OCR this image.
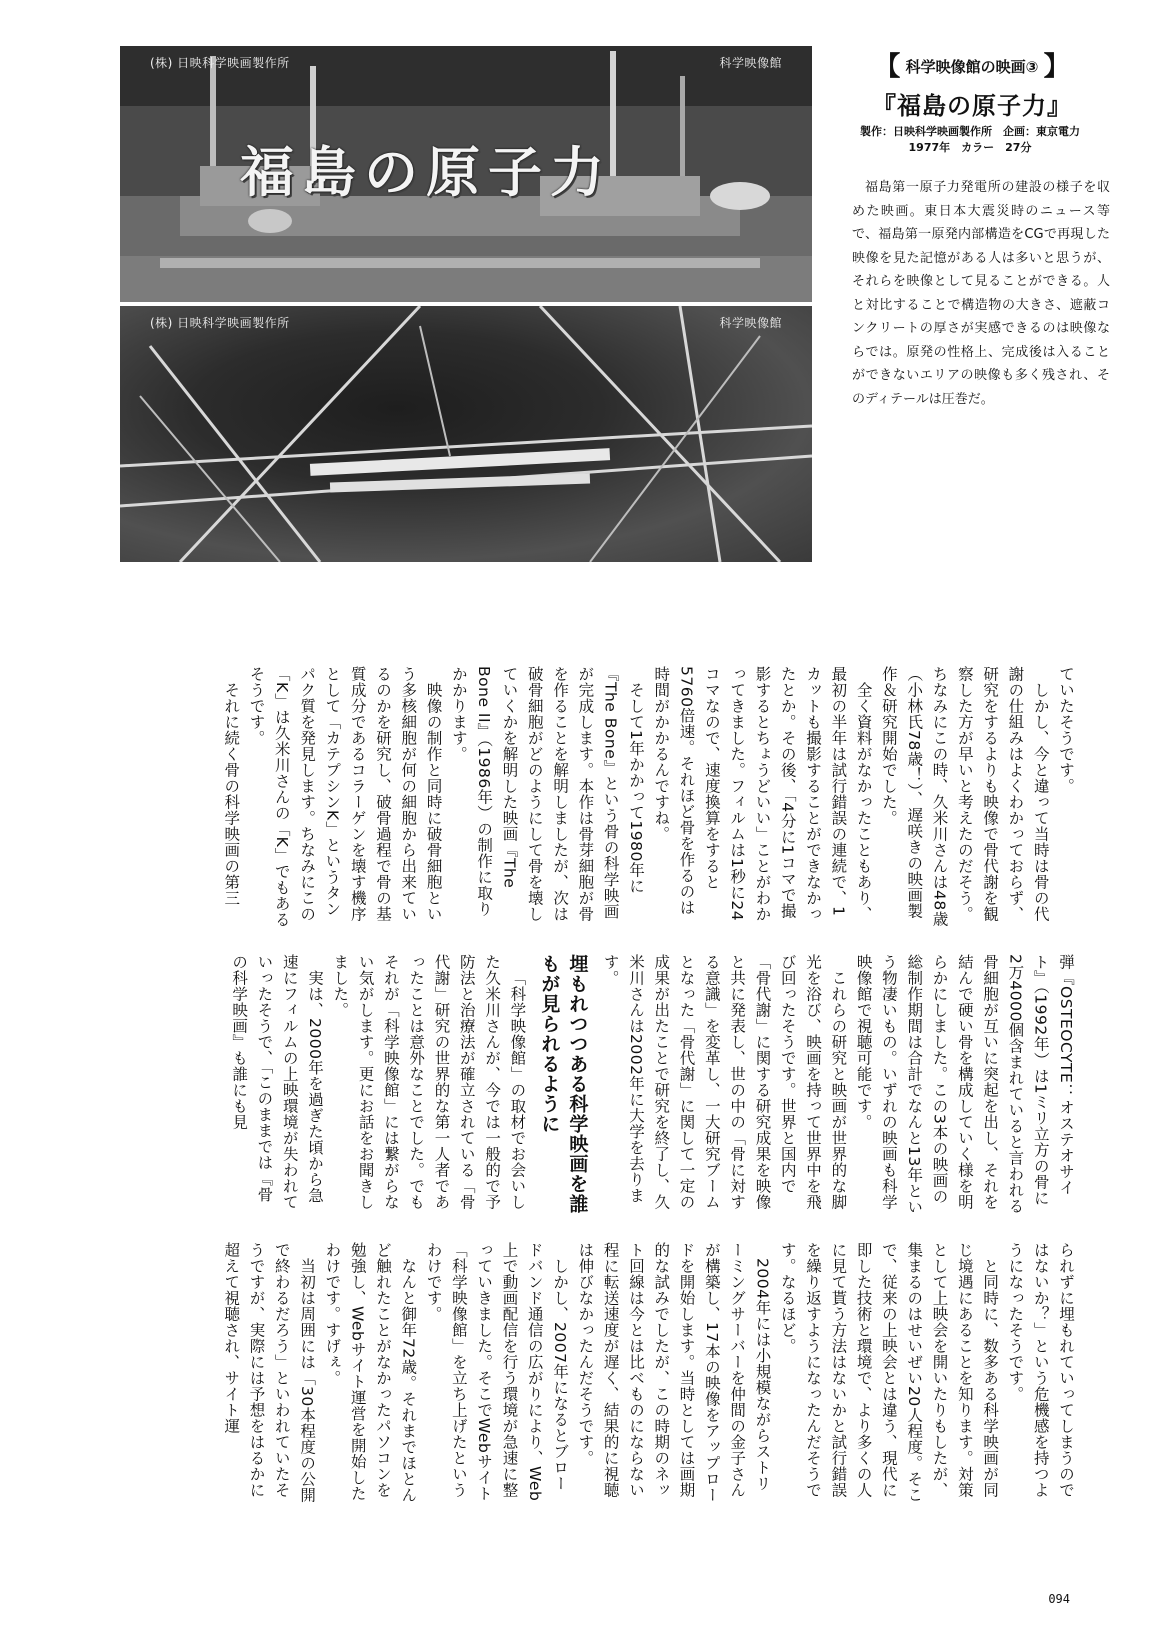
(株) 日映科学映画製作所	科学映像館
福島の原子力
(株) 日映科学映画製作所	科学映像館
【 科学映像館の映画③ 】
『福島の原子力』
製作：日映科学映画製作所　企画：東京電力
1977年　カラー　27分
福島第一原子力発電所の建設の様子を収めた映画。東日本大震災時のニュース等で、福島第一原発内部構造をCGで再現した映像を見た記憶がある人は多いと思うが、それらを映像として見ることができる。人と対比することで構造物の大きさ、遮蔽コンクリートの厚さが実感できるのは映像ならでは。原発の性格上、完成後は入ることができないエリアの映像も多く残され、そのディテールは圧巻だ。

ていたそうです。

しかし、今と違って当時は骨の代謝の仕組みはよくわかっておらず、研究をするよりも映像で骨代謝を観察した方が早いと考えたのだそう。ちなみにこの時、久米川さんは48歳（小林氏78歳！）、遅咲きの映画製作＆研究開始でした。

全く資料がなかったこともあり、最初の半年は試行錯誤の連続で、1カットも撮影することができなかったとか。その後、「4分に1コマで撮影するとちょうどいい」ことがわかってきました。フィルムは1秒に24コマなので、速度換算をすると5760倍速。それほど骨を作るのは時間がかかるんですね。

そして1年かかって1980年に『The Bone』という骨の科学映画が完成します。本作は骨芽細胞が骨を作ることを解明しましたが、次は破骨細胞がどのようにして骨を壊していくかを解明した映画『The Bone II』（1986年）の制作に取りかかります。

映像の制作と同時に破骨細胞という多核細胞が何の細胞から出来ているのかを研究し、破骨過程で骨の基質成分であるコラーゲンを壊す機序として「カテプシンK」というタンパク質を発見します。ちなみにこの「K」は久米川さんの「K」でもあるそうです。

それに続く骨の科学映画の第三

弾『OSTEOCYTE：オステオサイト』（1992年）は1ミリ立方の骨に2万4000個含まれていると言われる骨細胞が互いに突起を出し、それを結んで硬い骨を構成していく様を明らかにしました。この3本の映画の総制作期間は合計でなんと13年という物凄いもの。いずれの映画も科学映像館で視聴可能です。

これらの研究と映画が世界的な脚光を浴び、映画を持って世界中を飛び回ったそうです。世界と国内で「骨代謝」に関する研究成果を映像と共に発表し、世の中の「骨に対する意識」を変革し、一大研究ブームとなった「骨代謝」に関して一定の成果が出たことで研究を終了し、久米川さんは2002年に大学を去ります。

埋もれつつある科学映画を誰もが見られるように

「科学映像館」の取材でお会いした久米川さんが、今では一般的で予防法と治療法が確立されている「骨代謝」研究の世界的な第一人者であったことは意外なことでした。でもそれが「科学映像館」には繋がらない気がします。更にお話をお聞きしました。

実は、2000年を過ぎた頃から急速にフィルムの上映環境が失われていったそうで、「このままでは『骨の科学映画』も誰にも見

られずに埋もれていってしまうのではないか？」という危機感を持つようになったそうです。

と同時に、数多ある科学映画が同じ境遇にあることを知ります。対策として上映会を開いたりもしたが、集まるのはせいぜい20人程度。そこで、従来の上映会とは違う、現代に即した技術と環境で、より多くの人に見て貰う方法はないかと試行錯誤を繰り返すようになったんだそうです。なるほど。

2004年には小規模ながらストリーミングサーバーを仲間の金子さんが構築し、17本の映像をアップロードを開始します。当時としては画期的な試みでしたが、この時期のネット回線は今とは比べものにならない程に転送速度が遅く、結果的に視聴は伸びなかったんだそうです。

しかし、2007年になるとブロードバンド通信の広がりにより、Web上で動画配信を行う環境が急速に整っていきました。そこでWebサイト「科学映像館」を立ち上げたというわけです。

なんと御年72歳。それまでほとんど触れたことがなかったパソコンを勉強し、Webサイト運営を開始したわけです。すげぇ。

当初は周囲には「30本程度の公開で終わるだろう」といわれていたそうですが、実際には予想をはるかに超えて視聴され、サイト運

094
